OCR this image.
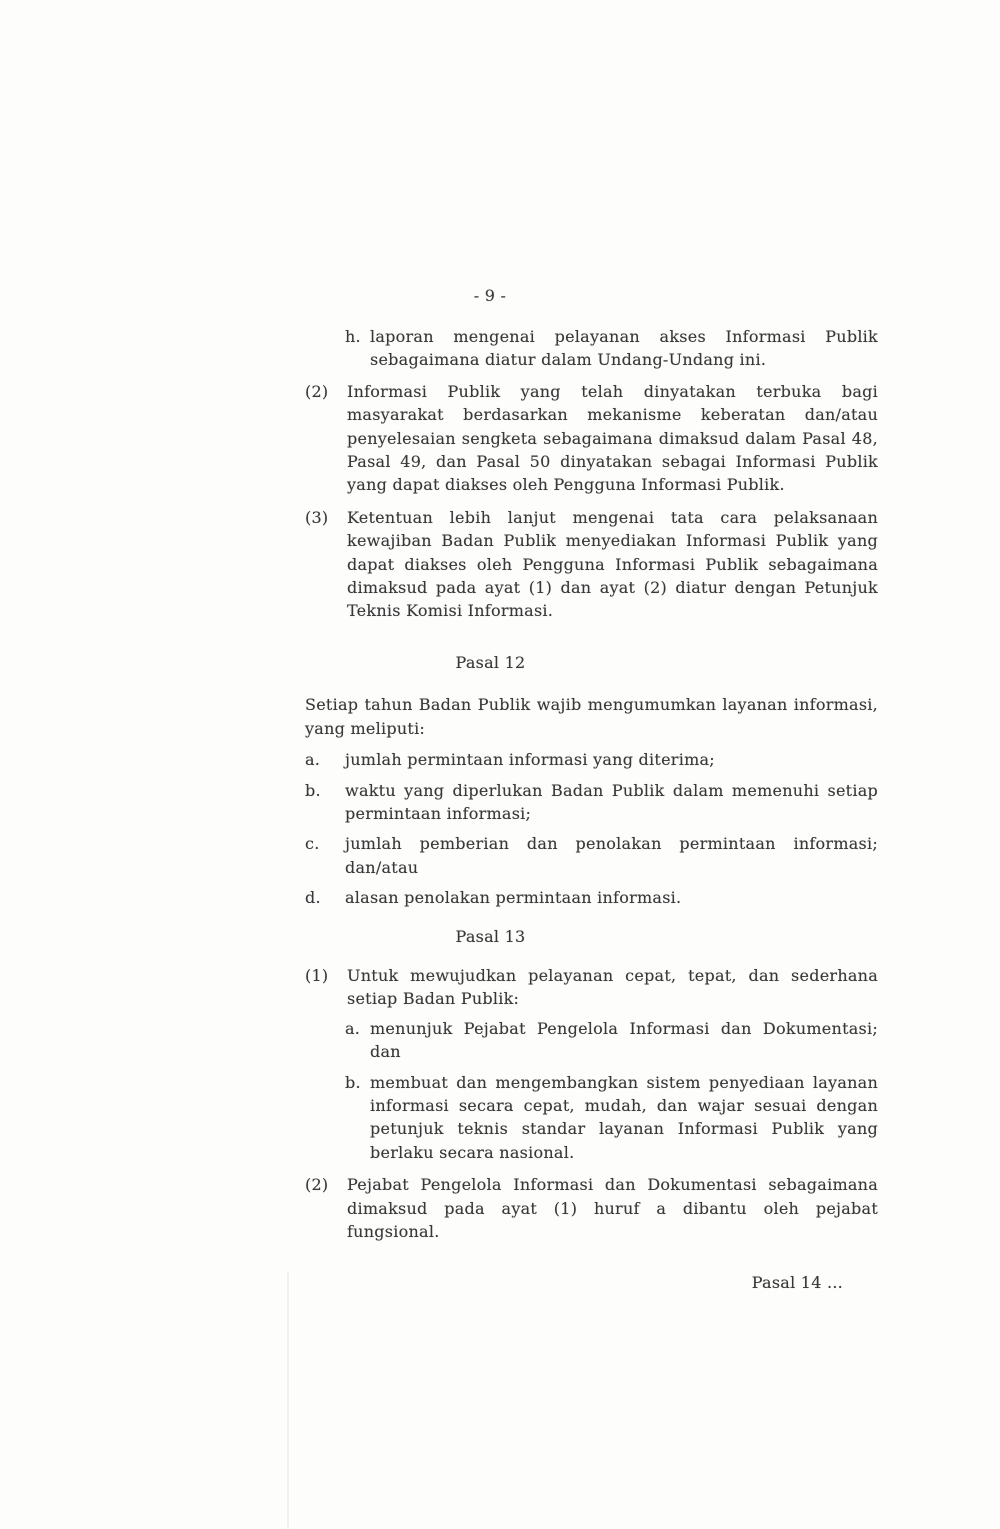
- 9 -
h. laporan mengenai pelayanan akses Informasi Publik sebagaimana diatur dalam Undang-Undang ini.
(2) Informasi Publik yang telah dinyatakan terbuka bagi masyarakat berdasarkan mekanisme keberatan dan/atau penyelesaian sengketa sebagaimana dimaksud dalam Pasal 48, Pasal 49, dan Pasal 50 dinyatakan sebagai Informasi Publik yang dapat diakses oleh Pengguna Informasi Publik.
(3) Ketentuan lebih lanjut mengenai tata cara pelaksanaan kewajiban Badan Publik menyediakan Informasi Publik yang dapat diakses oleh Pengguna Informasi Publik sebagaimana dimaksud pada ayat (1) dan ayat (2) diatur dengan Petunjuk Teknis Komisi Informasi.
Pasal 12
Setiap tahun Badan Publik wajib mengumumkan layanan informasi, yang meliputi:
a. jumlah permintaan informasi yang diterima;
b. waktu yang diperlukan Badan Publik dalam memenuhi setiap permintaan informasi;
c. jumlah pemberian dan penolakan permintaan informasi; dan/atau
d. alasan penolakan permintaan informasi.
Pasal 13
(1) Untuk mewujudkan pelayanan cepat, tepat, dan sederhana setiap Badan Publik:
a. menunjuk Pejabat Pengelola Informasi dan Dokumentasi; dan
b. membuat dan mengembangkan sistem penyediaan layanan informasi secara cepat, mudah, dan wajar sesuai dengan petunjuk teknis standar layanan Informasi Publik yang berlaku secara nasional.
(2) Pejabat Pengelola Informasi dan Dokumentasi sebagaimana dimaksud pada ayat (1) huruf a dibantu oleh pejabat fungsional.
Pasal 14 ...
